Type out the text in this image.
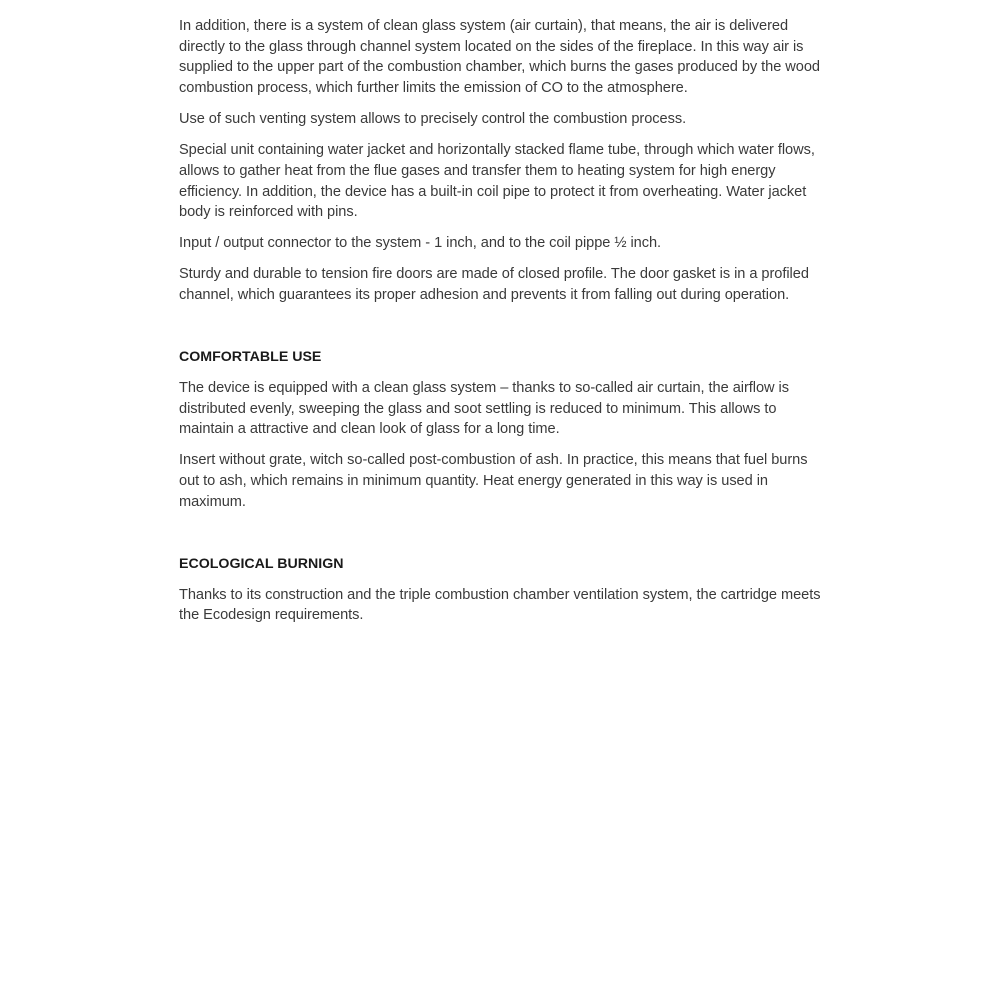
In addition, there is a system of clean glass system (air curtain), that means, the air is delivered directly to the glass through channel system located on the sides of the fireplace. In this way air is supplied to the upper part of the combustion chamber, which burns the gases produced by the wood combustion process, which further limits the emission of CO to the atmosphere.

Use of such venting system allows to precisely control the combustion process.

Special unit containing water jacket and horizontally stacked flame tube, through which water flows, allows to gather heat from the flue gases and transfer them to heating system for high energy efficiency. In addition, the device has a built-in coil pipe to protect it from overheating. Water jacket body is reinforced with pins.

Input / output connector to the system - 1 inch, and to the coil pippe ½ inch.

Sturdy and durable to tension fire doors are made of closed profile. The door gasket is in a profiled channel, which guarantees its proper adhesion and prevents it from falling out during operation.

COMFORTABLE USE

The device is equipped with a clean glass system – thanks to so-called air curtain, the airflow is distributed evenly, sweeping the glass and soot settling is reduced to minimum. This allows to maintain a attractive and clean look of glass for a long time.

Insert without grate, witch so-called post-combustion of ash. In practice, this means that fuel burns out to ash, which remains in minimum quantity. Heat energy generated in this way is used in maximum.

ECOLOGICAL BURNIGN

Thanks to its construction and the triple combustion chamber ventilation system, the cartridge meets the Ecodesign requirements.
